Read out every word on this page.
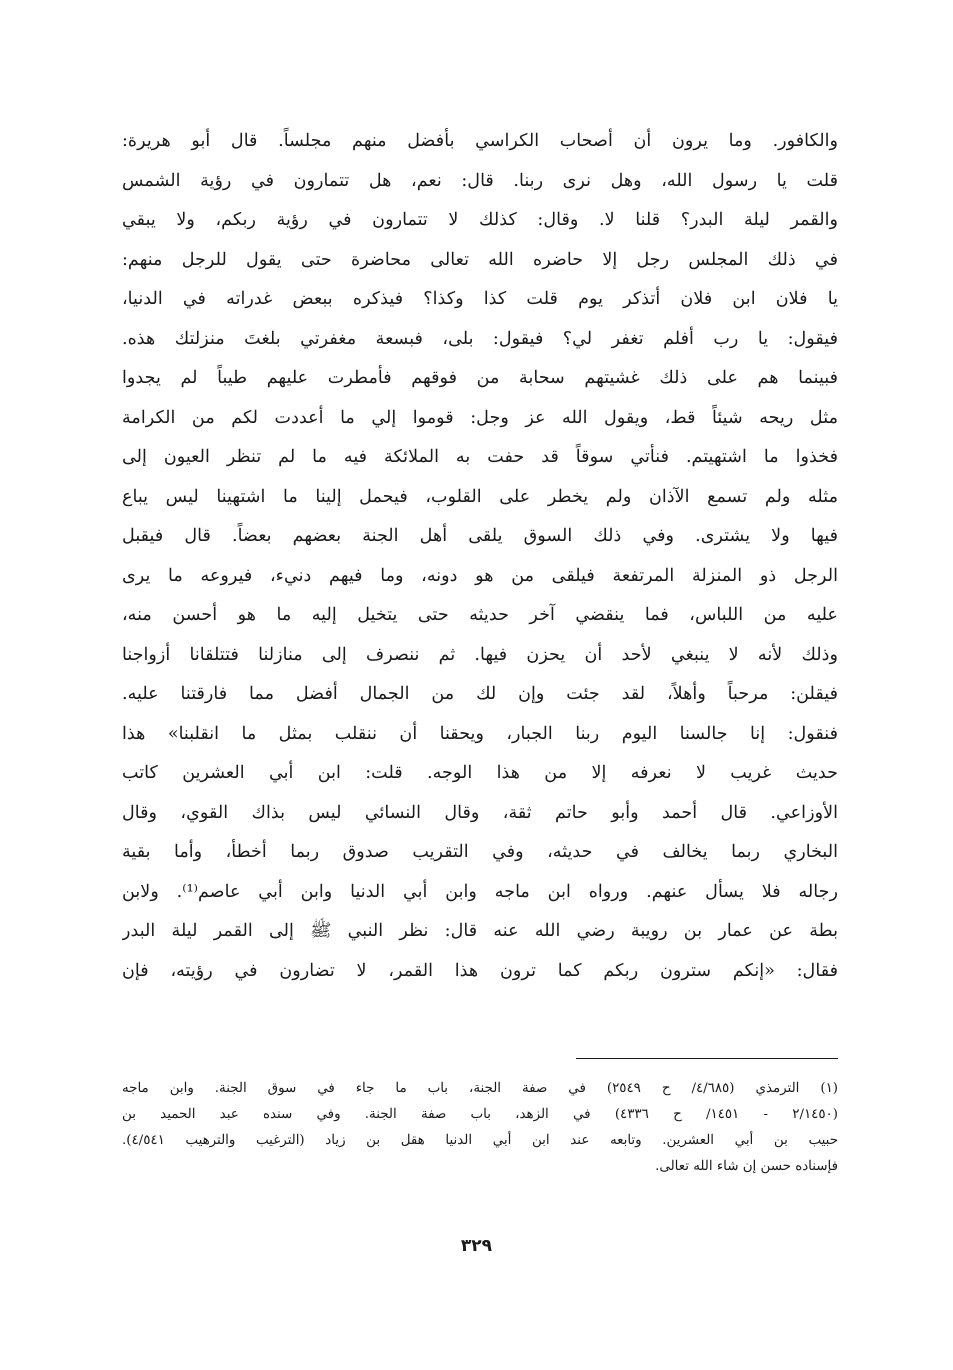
والكافور. وما يرون أن أصحاب الكراسي بأفضل منهم مجلساً. قال أبو هريرة:
قلت يا رسول الله، وهل نرى ربنا. قال: نعم، هل تتمارون في رؤية الشمس
والقمر ليلة البدر؟ قلنا لا. وقال: كذلك لا تتمارون في رؤية ربكم، ولا يبقي
في ذلك المجلس رجل إلا حاضره الله تعالى محاضرة حتى يقول للرجل منهم:
يا فلان ابن فلان أتذكر يوم قلت كذا وكذا؟ فيذكره ببعض غدراته في الدنيا،
فيقول: يا رب أفلم تغفر لي؟ فيقول: بلى، فبسعة مغفرتي بلغتَ منزلتك هذه.
فبينما هم على ذلك غشيتهم سحابة من فوقهم فأمطرت عليهم طيباً لم يجدوا
مثل ريحه شيئاً قط، ويقول الله عز وجل: قوموا إلي ما أعددت لكم من الكرامة
فخذوا ما اشتهيتم. فنأتي سوقاً قد حفت به الملائكة فيه ما لم تنظر العيون إلى
مثله ولم تسمع الآذان ولم يخطر على القلوب، فيحمل إلينا ما اشتهينا ليس يباع
فيها ولا يشترى. وفي ذلك السوق يلقى أهل الجنة بعضهم بعضاً. قال فيقبل
الرجل ذو المنزلة المرتفعة فيلقى من هو دونه، وما فيهم دنيء، فيروعه ما يرى
عليه من اللباس، فما ينقضي آخر حديثه حتى يتخيل إليه ما هو أحسن منه،
وذلك لأنه لا ينبغي لأحد أن يحزن فيها. ثم ننصرف إلى منازلنا فتتلقانا أزواجنا
فيقلن: مرحباً وأهلاً، لقد جئت وإن لك من الجمال أفضل مما فارقتنا عليه.
فنقول: إنا جالسنا اليوم ربنا الجبار، ويحقنا أن ننقلب بمثل ما انقلبنا» هذا
حديث غريب لا نعرفه إلا من هذا الوجه. قلت: ابن أبي العشرين كاتب
الأوزاعي. قال أحمد وأبو حاتم ثقة، وقال النسائي ليس بذاك القوي، وقال
البخاري ربما يخالف في حديثه، وفي التقريب صدوق ربما أخطأ، وأما بقية
رجاله فلا يسأل عنهم. ورواه ابن ماجه وابن أبي الدنيا وابن أبي عاصم⁽¹⁾. ولابن
بطة عن عمار بن رويبة رضي الله عنه قال: نظر النبي ﷺ إلى القمر ليلة البدر
فقال: «إنكم سترون ربكم كما ترون هذا القمر، لا تضارون في رؤيته، فإن
(١) الترمذي (٤/٦٨٥/ ح ٢٥٤٩) في صفة الجنة، باب ما جاء في سوق الجنة. وابن ماجه
(٢/١٤٥٠ - ١٤٥١/ ح ٤٣٣٦) في الزهد، باب صفة الجنة. وفي سنده عبد الحميد بن
حبيب بن أبي العشرين. وتابعه عند ابن أبي الدنيا هقل بن زياد (الترغيب والترهيب ٤/٥٤١).
فإسناده حسن إن شاء الله تعالى.
٣٢٩
